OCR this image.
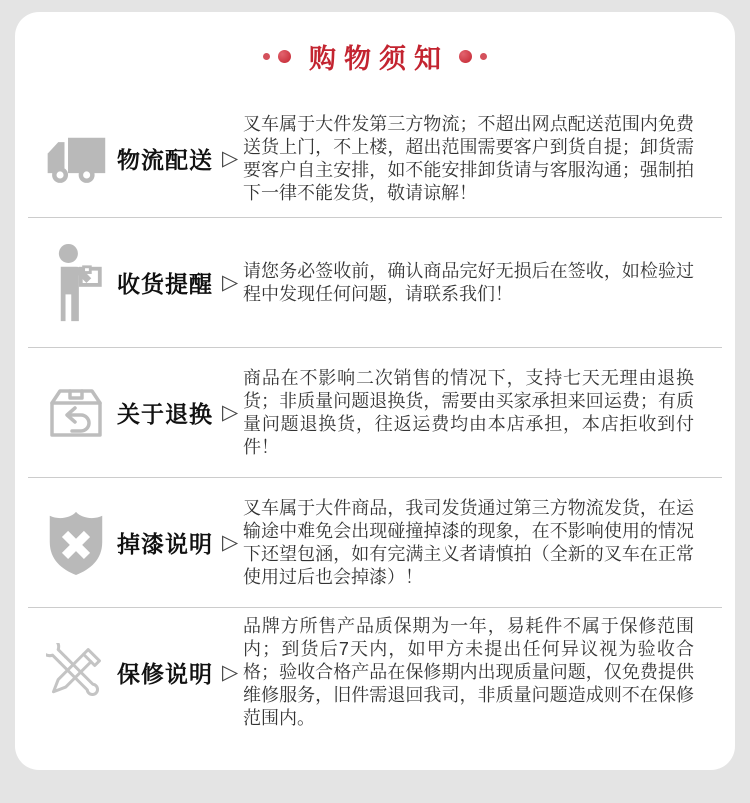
购物须知
物流配送 ▷

叉车属于大件发第三方物流；不超出网点配送范围内免费送货上门，不上楼，超出范围需要客户到货自提；卸货需要客户自主安排，如不能安排卸货请与客服沟通；强制拍下一律不能发货，敬请谅解！

收货提醒 ▷

请您务必签收前，确认商品完好无损后在签收，如检验过程中发现任何问题，请联系我们！

关于退换 ▷

商品在不影响二次销售的情况下，支持七天无理由退换货；非质量问题退换货，需要由买家承担来回运费；有质量问题退换货，往返运费均由本店承担，本店拒收到付件！

掉漆说明 ▷

叉车属于大件商品，我司发货通过第三方物流发货，在运输途中难免会出现碰撞掉漆的现象，在不影响使用的情况下还望包涵，如有完满主义者请慎拍（全新的叉车在正常使用过后也会掉漆）！

保修说明 ▷

品牌方所售产品质保期为一年，易耗件不属于保修范围内；到货后7天内，如甲方未提出任何异议视为验收合格；验收合格产品在保修期内出现质量问题，仅免费提供维修服务，旧件需退回我司，非质量问题造成则不在保修范围内。
